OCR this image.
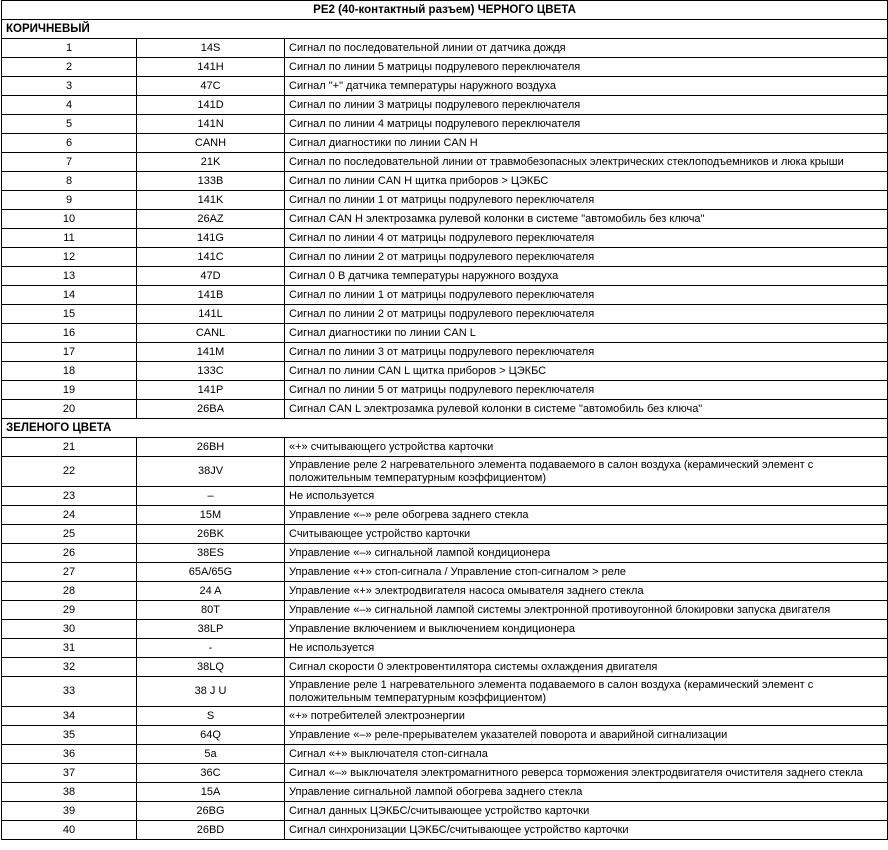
PE2 (40-контактный разъем) ЧЕРНОГО ЦВЕТА		
КОРИЧНЕВЫЙ		
1	14S	Сигнал по последовательной линии от датчика дождя
2	141H	Сигнал по линии 5 матрицы подрулевого переключателя
3	47C	Сигнал "+" датчика температуры наружного воздуха
4	141D	Сигнал по линии 3 матрицы подрулевого переключателя
5	141N	Сигнал по линии 4 матрицы подрулевого переключателя
6	CANH	Сигнал диагностики по линии CAN H
7	21K	Сигнал по последовательной линии от травмобезопасных электрических стеклоподъемников и люка крыши
8	133B	Сигнал по линии CAN H щитка приборов > ЦЭКБС
9	141K	Сигнал по линии 1 от матрицы подрулевого переключателя
10	26AZ	Сигнал CAN H электрозамка рулевой колонки в системе "автомобиль без ключа"
11	141G	Сигнал по линии 4 от матрицы подрулевого переключателя
12	141C	Сигнал по линии 2 от матрицы подрулевого переключателя
13	47D	Сигнал 0 В датчика температуры наружного воздуха
14	141B	Сигнал по линии 1 от матрицы подрулевого переключателя
15	141L	Сигнал по линии 2 от матрицы подрулевого переключателя
16	CANL	Сигнал диагностики по линии CAN L
17	141M	Сигнал по линии 3 от матрицы подрулевого переключателя
18	133C	Сигнал по линии CAN L щитка приборов > ЦЭКБС
19	141P	Сигнал по линии 5 от матрицы подрулевого переключателя
20	26BA	Сигнал CAN L электрозамка рулевой колонки в системе "автомобиль без ключа"
ЗЕЛЕНОГО ЦВЕТА		
21	26BH	«+» считывающего устройства карточки
22	38JV	Управление реле 2 нагревательного элемента подаваемого в салон воздуха (керамический элемент с положительным температурным коэффициентом)
23	–	Не используется
24	15M	Управление «–» реле обогрева заднего стекла
25	26BK	Считывающее устройство карточки
26	38ES	Управление «–» сигнальной лампой кондиционера
27	65A/65G	Управление «+» стоп-сигнала / Управление стоп-сигналом > реле
28	24 A	Управление «+» электродвигателя насоса омывателя заднего стекла
29	80T	Управление «–» сигнальной лампой системы электронной противоугонной блокировки запуска двигателя
30	38LP	Управление включением и выключением кондиционера
31	-	Не используется
32	38LQ	Сигнал скорости 0 электровентилятора системы охлаждения двигателя
33	38 J U	Управление реле 1 нагревательного элемента подаваемого в салон воздуха (керамический элемент с положительным температурным коэффициентом)
34	S	«+» потребителей электроэнергии
35	64Q	Управление «–» реле-прерывателем указателей поворота и аварийной сигнализации
36	5a	Сигнал «+» выключателя стоп-сигнала
37	36C	Сигнал «–» выключателя электромагнитного реверса торможения электродвигателя очистителя заднего стекла
38	15A	Управление сигнальной лампой обогрева заднего стекла
39	26BG	Сигнал данных ЦЭКБС/считывающее устройство карточки
40	26BD	Сигнал синхронизации ЦЭКБС/считывающее устройство карточки
